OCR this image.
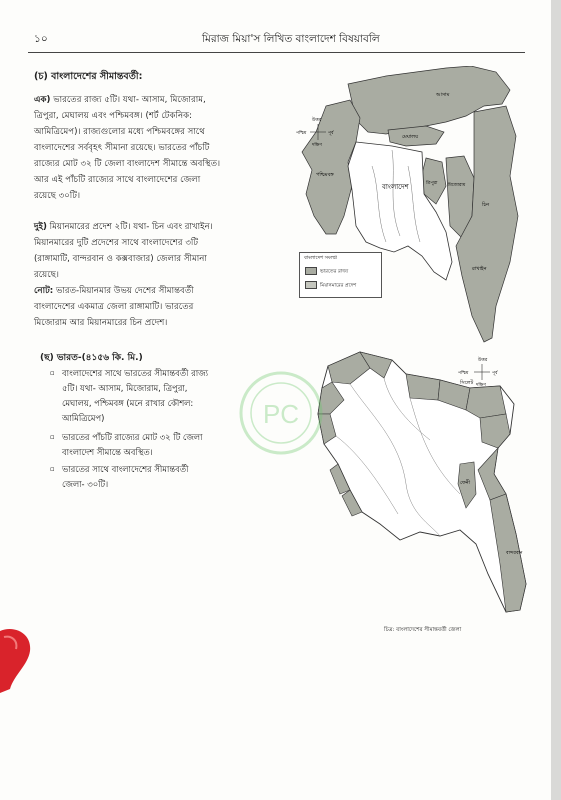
১০	মিরাজ মিয়া'স লিখিত বাংলাদেশ বিষয়াবলি
(চ) বাংলাদেশের সীমান্তবর্তী:
এক) ভারতের রাজ্য ৫টি। যথা- আসাম, মিজোরাম,
ত্রিপুরা, মেঘালয় এবং পশ্চিমবঙ্গ। (শর্ট টেকনিক:
আমিত্রিমেপ)। রাজ্যগুলোর মধ্যে পশ্চিমবঙ্গের সাথে
বাংলাদেশের সর্ববৃহৎ সীমানা রয়েছে। ভারতের পাঁচটি
রাজ্যের মোট ৩২ টি জেলা বাংলাদেশ সীমান্তে অবস্থিত।
আর এই পাঁচটি রাজ্যের সাথে বাংলাদেশের জেলা
রয়েছে ৩০টি।
দুই) মিয়ানমারের প্রদেশ ২টি। যথা- চিন এবং রাখাইন।
মিয়ানমারের দুটি প্রদেশের সাথে বাংলাদেশের ৩টি
(রাঙ্গামাটি, বান্দরবান ও কক্সবাজার) জেলার সীমানা
রয়েছে।
নোট: ভারত-মিয়ানমার উভয় দেশের সীমান্তবর্তী
বাংলাদেশের একমাত্র জেলা রাঙ্গামাটি। ভারতের
মিজোরাম আর মিয়ানমারের চিন প্রদেশ।
বাংলাদেশ
আসাম
মেঘালয়
পশ্চিমবঙ্গ
মিজোরাম
ত্রিপুরা
চিন
রাখাইন
উত্তর
দক্ষিণ
পূর্ব
পশ্চিম
বাংলাদেশ সংলগ্ন
ভারতের রাজ্য
মিয়ানমারের প্রদেশ
(ছ) ভারত-(৪১৫৬ কি. মি.)
▫ বাংলাদেশের সাথে ভারতের সীমান্তবর্তী রাজ্য
৫টি। যথা- আসাম, মিজোরাম, ত্রিপুরা,
মেঘালয়, পশ্চিমবঙ্গ (মনে রাখার কৌশল:
আমিত্রিমেপ)
▫ ভারতের পাঁচটি রাজ্যের মোট ৩২ টি জেলা
বাংলাদেশ সীমান্তে অবস্থিত।
▫ ভারতের সাথে বাংলাদেশের সীমান্তবর্তী
জেলা- ৩০টি।
সিলেট
ফেনী
বান্দরবান
উত্তর
দক্ষিণ
পূর্ব
পশ্চিম
চিত্র: বাংলাদেশের সীমান্তবর্তী জেলা
PC
